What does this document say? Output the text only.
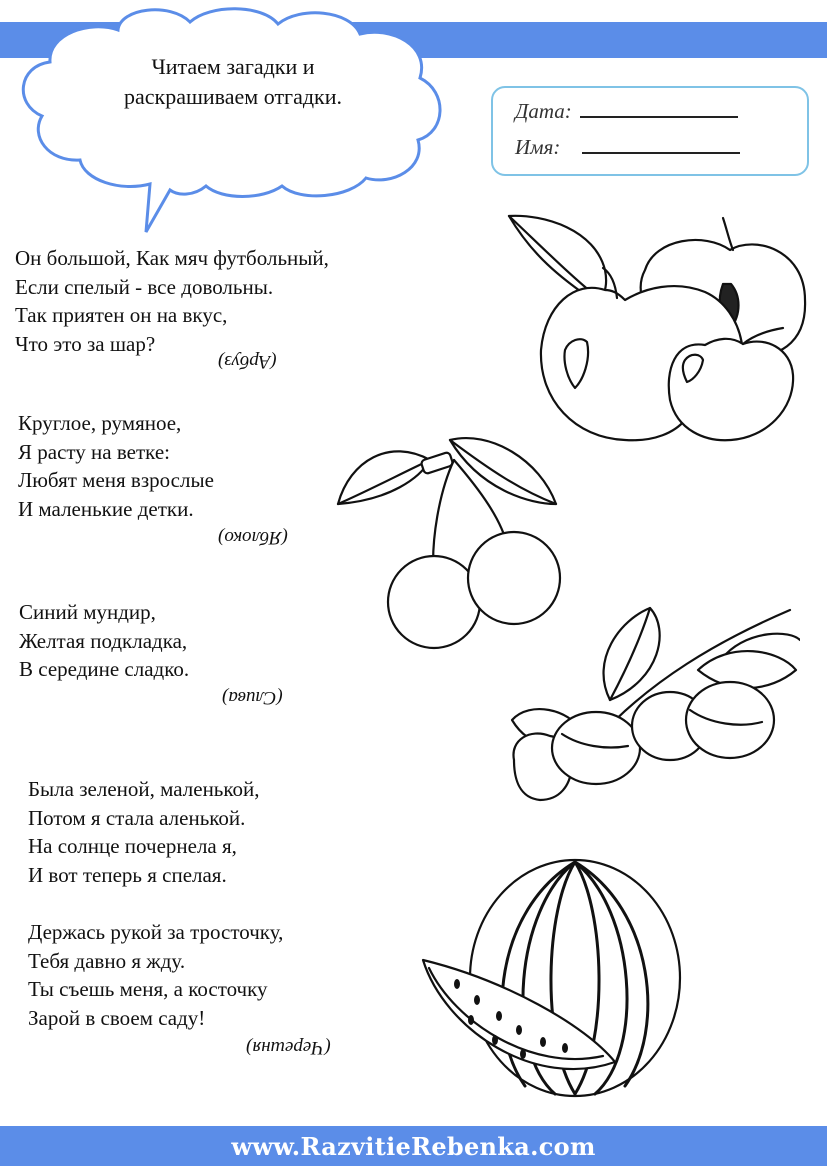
Читаем загадки и
раскрашиваем отгадки.
Дата:
Имя:

Он большой, Как мяч футбольный,

Если спелый - все довольны.

Так приятен он на вкус,

Что это за шар?

(Арбуз)

Круглое, румяное,

Я расту на ветке:

Любят меня взрослые

И маленькие детки.

(Яблоко)

Синий мундир,

Желтая подкладка,

В середине сладко.

(Слива)

Была зеленой, маленькой,

Потом я стала аленькой.

На солнце почернела я,

И вот теперь я спелая.

Держась рукой за тросточку,

Тебя давно я жду.

Ты съешь меня, а косточку

Зарой в своем саду!

(Черешня)
www.RazvitieRebenka.com
